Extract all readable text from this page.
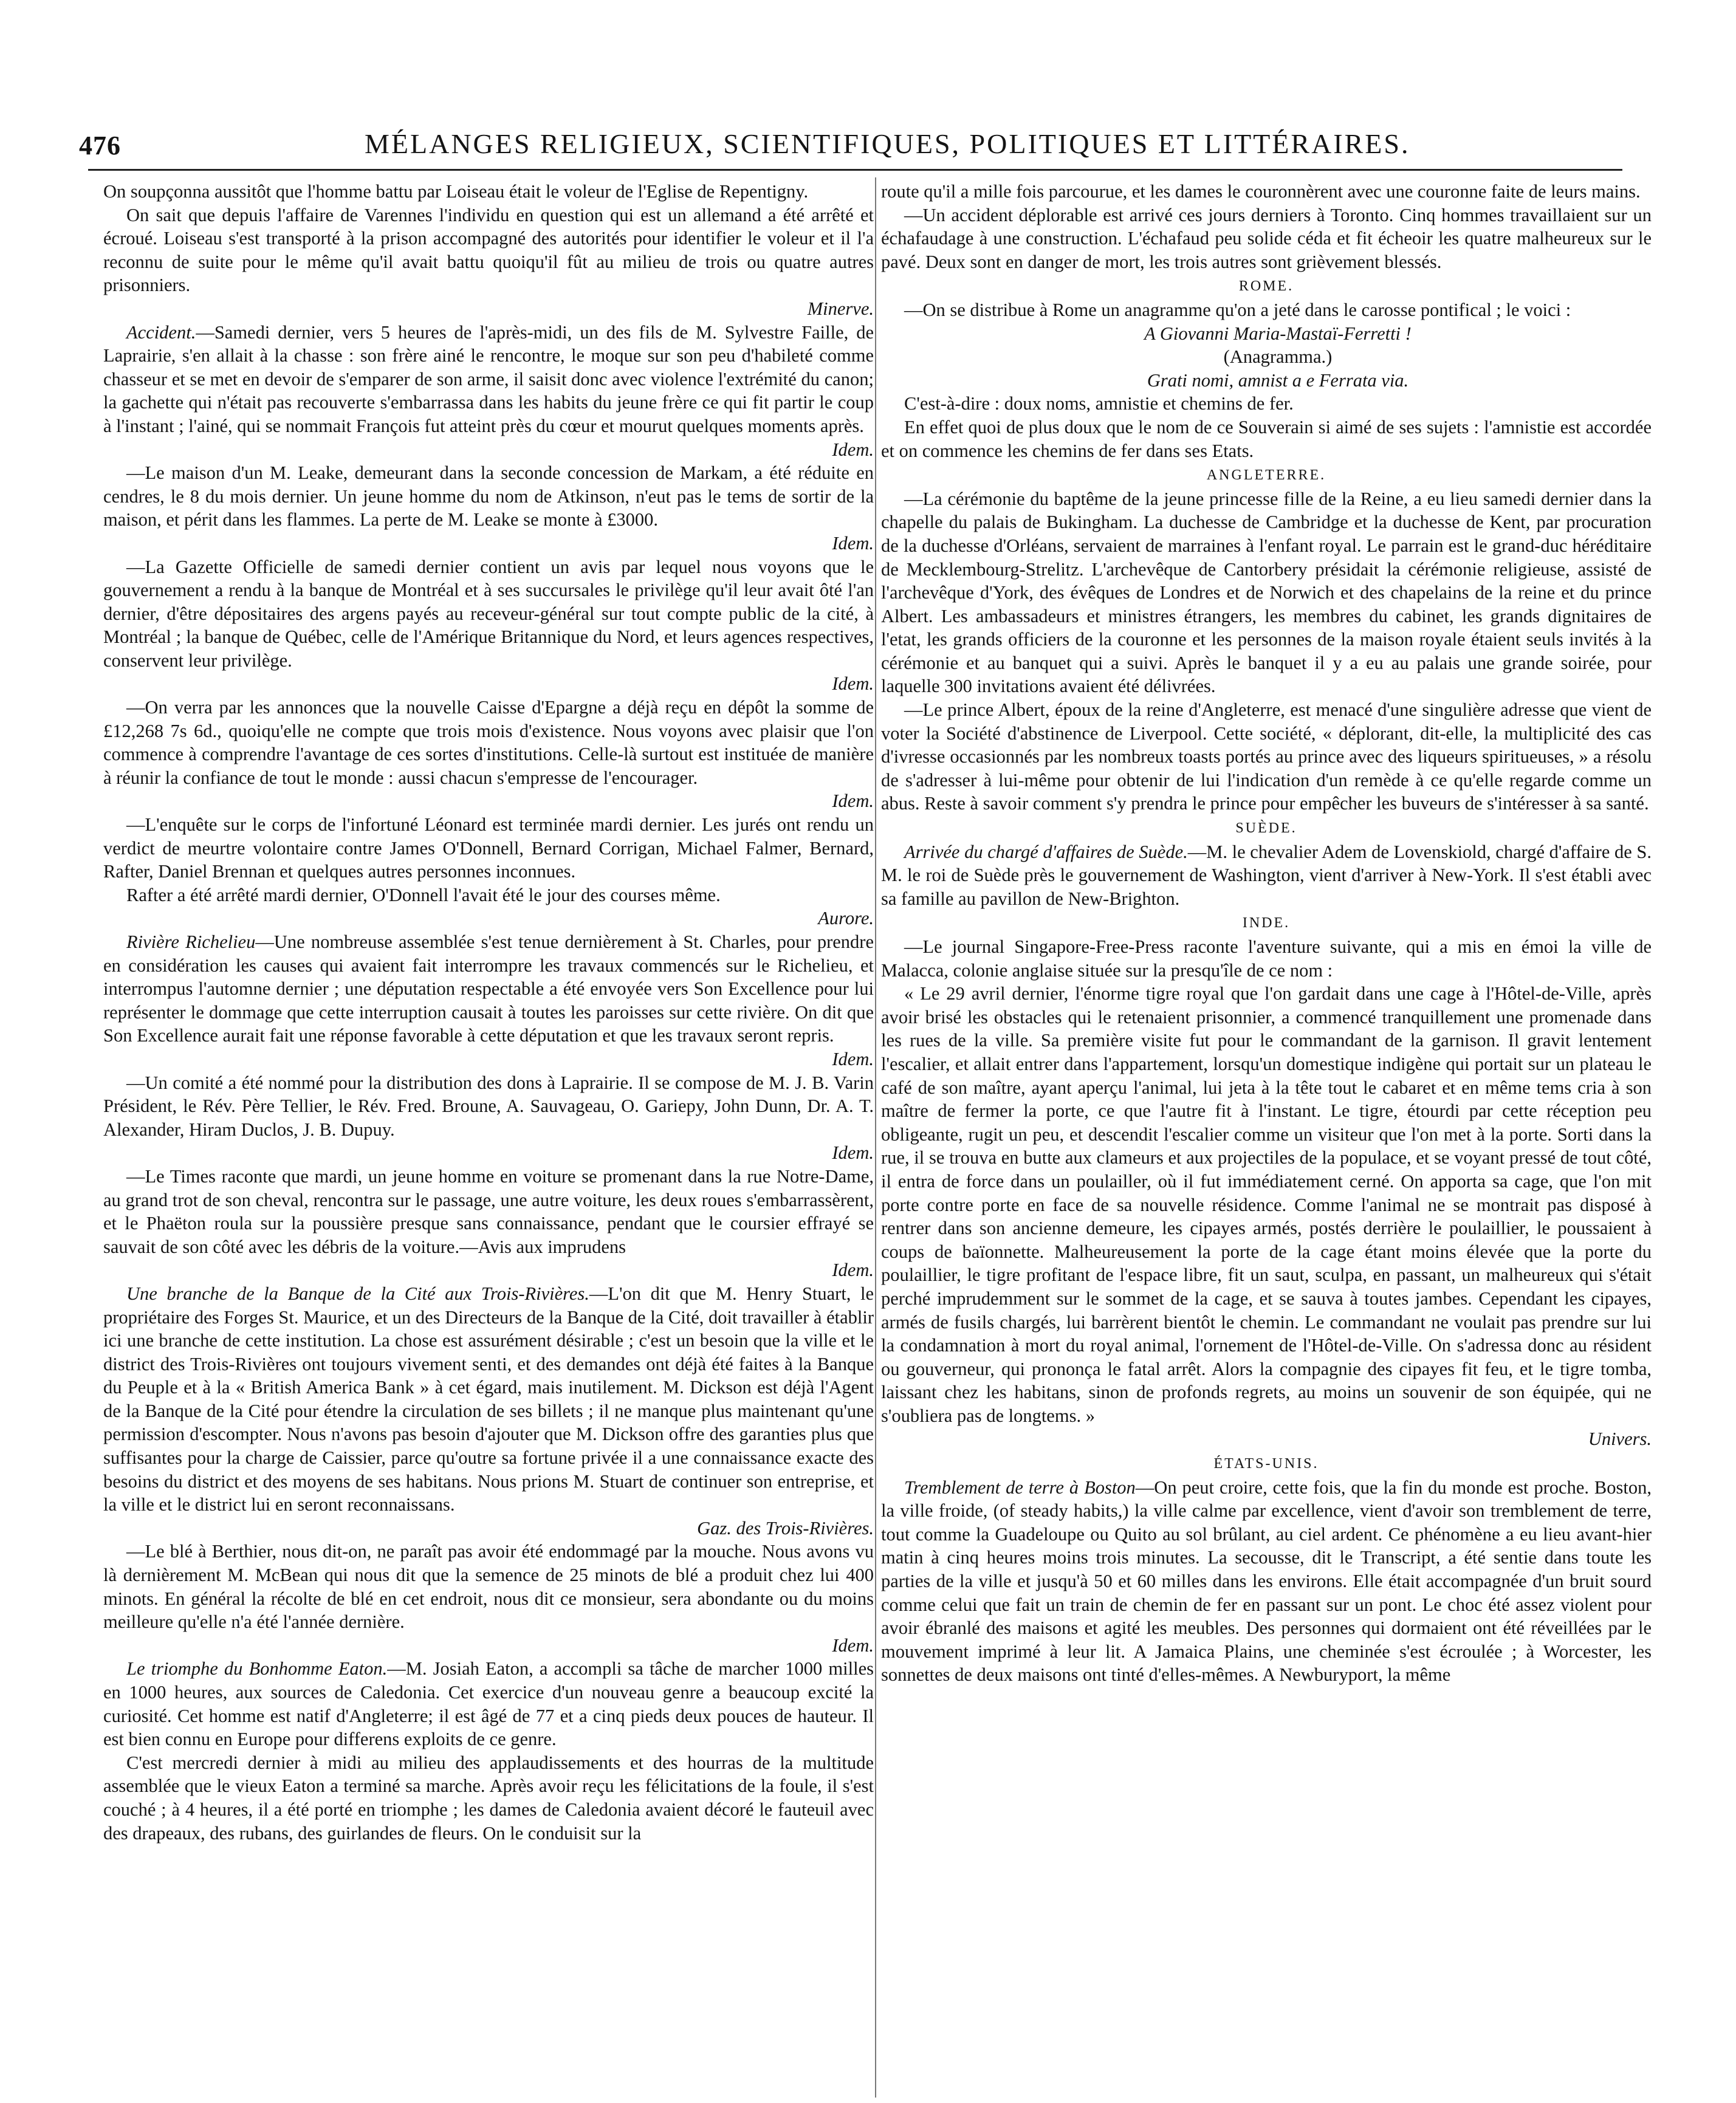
476	MÉLANGES RELIGIEUX, SCIENTIFIQUES, POLITIQUES ET LITTÉRAIRES.

On soupçonna aussitôt que l'homme battu par Loiseau était le voleur de l'Eglise de Repentigny.

On sait que depuis l'affaire de Varennes l'individu en question qui est un allemand a été arrêté et écroué. Loiseau s'est transporté à la prison accompagné des autorités pour identifier le voleur et il l'a reconnu de suite pour le même qu'il avait battu quoiqu'il fût au milieu de trois ou quatre autres prisonniers.

Minerve.

Accident.—Samedi dernier, vers 5 heures de l'après-midi, un des fils de M. Sylvestre Faille, de Laprairie, s'en allait à la chasse : son frère ainé le rencontre, le moque sur son peu d'habileté comme chasseur et se met en devoir de s'emparer de son arme, il saisit donc avec violence l'extrémité du canon; la gachette qui n'était pas recouverte s'embarrassa dans les habits du jeune frère ce qui fit partir le coup à l'instant ; l'ainé, qui se nommait François fut atteint près du cœur et mourut quelques moments après.

Idem.

—Le maison d'un M. Leake, demeurant dans la seconde concession de Markam, a été réduite en cendres, le 8 du mois dernier. Un jeune homme du nom de Atkinson, n'eut pas le tems de sortir de la maison, et périt dans les flammes. La perte de M. Leake se monte à £3000.
Idem.

—La Gazette Officielle de samedi dernier contient un avis par lequel nous voyons que le gouvernement a rendu à la banque de Montréal et à ses succursales le privilège qu'il leur avait ôté l'an dernier, d'être dépositaires des argens payés au receveur-général sur tout compte public de la cité, à Montréal ; la banque de Québec, celle de l'Amérique Britannique du Nord, et leurs agences respectives, conservent leur privilège.
Idem.

—On verra par les annonces que la nouvelle Caisse d'Epargne a déjà reçu en dépôt la somme de £12,268 7s 6d., quoiqu'elle ne compte que trois mois d'existence. Nous voyons avec plaisir que l'on commence à comprendre l'avantage de ces sortes d'institutions. Celle-là surtout est instituée de manière à réunir la confiance de tout le monde : aussi chacun s'empresse de l'encourager.
Idem.

—L'enquête sur le corps de l'infortuné Léonard est terminée mardi dernier. Les jurés ont rendu un verdict de meurtre volontaire contre James O'Donnell, Bernard Corrigan, Michael Falmer, Bernard, Rafter, Daniel Brennan et quelques autres personnes inconnues.

Rafter a été arrêté mardi dernier, O'Donnell l'avait été le jour des courses même.
Aurore.

Rivière Richelieu—Une nombreuse assemblée s'est tenue dernièrement à St. Charles, pour prendre en considération les causes qui avaient fait interrompre les travaux commencés sur le Richelieu, et interrompus l'automne dernier ; une députation respectable a été envoyée vers Son Excellence pour lui représenter le dommage que cette interruption causait à toutes les paroisses sur cette rivière. On dit que Son Excellence aurait fait une réponse favorable à cette députation et que les travaux seront repris.
Idem.

—Un comité a été nommé pour la distribution des dons à Laprairie. Il se compose de M. J. B. Varin Président, le Rév. Père Tellier, le Rév. Fred. Broune, A. Sauvageau, O. Gariepy, John Dunn, Dr. A. T. Alexander, Hiram Duclos, J. B. Dupuy.
Idem.

—Le Times raconte que mardi, un jeune homme en voiture se promenant dans la rue Notre-Dame, au grand trot de son cheval, rencontra sur le passage, une autre voiture, les deux roues s'embarrassèrent, et le Phaëton roula sur la poussière presque sans connaissance, pendant que le coursier effrayé se sauvait de son côté avec les débris de la voiture.—Avis aux imprudens
Idem.

Une branche de la Banque de la Cité aux Trois-Rivières.—L'on dit que M. Henry Stuart, le propriétaire des Forges St. Maurice, et un des Directeurs de la Banque de la Cité, doit travailler à établir ici une branche de cette institution. La chose est assurément désirable ; c'est un besoin que la ville et le district des Trois-Rivières ont toujours vivement senti, et des demandes ont déjà été faites à la Banque du Peuple et à la « British America Bank » à cet égard, mais inutilement. M. Dickson est déjà l'Agent de la Banque de la Cité pour étendre la circulation de ses billets ; il ne manque plus maintenant qu'une permission d'escompter. Nous n'avons pas besoin d'ajouter que M. Dickson offre des garanties plus que suffisantes pour la charge de Caissier, parce qu'outre sa fortune privée il a une connaissance exacte des besoins du district et des moyens de ses habitans. Nous prions M. Stuart de continuer son entreprise, et la ville et le district lui en seront reconnaissans.
Gaz. des Trois-Rivières.

—Le blé à Berthier, nous dit-on, ne paraît pas avoir été endommagé par la mouche. Nous avons vu là dernièrement M. McBean qui nous dit que la semence de 25 minots de blé a produit chez lui 400 minots. En général la récolte de blé en cet endroit, nous dit ce monsieur, sera abondante ou du moins meilleure qu'elle n'a été l'année dernière.
Idem.

Le triomphe du Bonhomme Eaton.—M. Josiah Eaton, a accompli sa tâche de marcher 1000 milles en 1000 heures, aux sources de Caledonia. Cet exercice d'un nouveau genre a beaucoup excité la curiosité. Cet homme est natif d'Angleterre; il est âgé de 77 et a cinq pieds deux pouces de hauteur. Il est bien connu en Europe pour differens exploits de ce genre.

C'est mercredi dernier à midi au milieu des applaudissements et des hourras de la multitude assemblée que le vieux Eaton a terminé sa marche. Après avoir reçu les félicitations de la foule, il s'est couché ; à 4 heures, il a été porté en triomphe ; les dames de Caledonia avaient décoré le fauteuil avec des drapeaux, des rubans, des guirlandes de fleurs. On le conduisit sur la

route qu'il a mille fois parcourue, et les dames le couronnèrent avec une couronne faite de leurs mains.

—Un accident déplorable est arrivé ces jours derniers à Toronto. Cinq hommes travaillaient sur un échafaudage à une construction. L'échafaud peu solide céda et fit écheoir les quatre malheureux sur le pavé. Deux sont en danger de mort, les trois autres sont grièvement blessés.

ROME.

—On se distribue à Rome un anagramme qu'on a jeté dans le carosse pontifical ; le voici :

A Giovanni Maria-Mastaï-Ferretti !

(Anagramma.)

Grati nomi, amnist a e Ferrata via.

C'est-à-dire : doux noms, amnistie et chemins de fer.

En effet quoi de plus doux que le nom de ce Souverain si aimé de ses sujets : l'amnistie est accordée et on commence les chemins de fer dans ses Etats.

ANGLETERRE.

—La cérémonie du baptême de la jeune princesse fille de la Reine, a eu lieu samedi dernier dans la chapelle du palais de Bukingham. La duchesse de Cambridge et la duchesse de Kent, par procuration de la duchesse d'Orléans, servaient de marraines à l'enfant royal. Le parrain est le grand-duc héréditaire de Mecklembourg-Strelitz. L'archevêque de Cantorbery présidait la cérémonie religieuse, assisté de l'archevêque d'York, des évêques de Londres et de Norwich et des chapelains de la reine et du prince Albert. Les ambassadeurs et ministres étrangers, les membres du cabinet, les grands dignitaires de l'etat, les grands officiers de la couronne et les personnes de la maison royale étaient seuls invités à la cérémonie et au banquet qui a suivi. Après le banquet il y a eu au palais une grande soirée, pour laquelle 300 invitations avaient été délivrées.

—Le prince Albert, époux de la reine d'Angleterre, est menacé d'une singulière adresse que vient de voter la Société d'abstinence de Liverpool. Cette société, « déplorant, dit-elle, la multiplicité des cas d'ivresse occasionnés par les nombreux toasts portés au prince avec des liqueurs spiritueuses, » a résolu de s'adresser à lui-même pour obtenir de lui l'indication d'un remède à ce qu'elle regarde comme un abus. Reste à savoir comment s'y prendra le prince pour empêcher les buveurs de s'intéresser à sa santé.

SUÈDE.

Arrivée du chargé d'affaires de Suède.—M. le chevalier Adem de Lovenskiold, chargé d'affaire de S. M. le roi de Suède près le gouvernement de Washington, vient d'arriver à New-York. Il s'est établi avec sa famille au pavillon de New-Brighton.

INDE.

—Le journal Singapore-Free-Press raconte l'aventure suivante, qui a mis en émoi la ville de Malacca, colonie anglaise située sur la presqu'île de ce nom :

« Le 29 avril dernier, l'énorme tigre royal que l'on gardait dans une cage à l'Hôtel-de-Ville, après avoir brisé les obstacles qui le retenaient prisonnier, a commencé tranquillement une promenade dans les rues de la ville. Sa première visite fut pour le commandant de la garnison. Il gravit lentement l'escalier, et allait entrer dans l'appartement, lorsqu'un domestique indigène qui portait sur un plateau le café de son maître, ayant aperçu l'animal, lui jeta à la tête tout le cabaret et en même tems cria à son maître de fermer la porte, ce que l'autre fit à l'instant. Le tigre, étourdi par cette réception peu obligeante, rugit un peu, et descendit l'escalier comme un visiteur que l'on met à la porte. Sorti dans la rue, il se trouva en butte aux clameurs et aux projectiles de la populace, et se voyant pressé de tout côté, il entra de force dans un poulailler, où il fut immédiatement cerné. On apporta sa cage, que l'on mit porte contre porte en face de sa nouvelle résidence. Comme l'animal ne se montrait pas disposé à rentrer dans son ancienne demeure, les cipayes armés, postés derrière le poulaillier, le poussaient à coups de baïonnette. Malheureusement la porte de la cage étant moins élevée que la porte du poulaillier, le tigre profitant de l'espace libre, fit un saut, sculpa, en passant, un malheureux qui s'était perché imprudemment sur le sommet de la cage, et se sauva à toutes jambes. Cependant les cipayes, armés de fusils chargés, lui barrèrent bientôt le chemin. Le commandant ne voulait pas prendre sur lui la condamnation à mort du royal animal, l'ornement de l'Hôtel-de-Ville. On s'adressa donc au résident ou gouverneur, qui prononça le fatal arrêt. Alors la compagnie des cipayes fit feu, et le tigre tomba, laissant chez les habitans, sinon de profonds regrets, au moins un souvenir de son équipée, qui ne s'oubliera pas de longtems. »
Univers.

ÉTATS-UNIS.

Tremblement de terre à Boston—On peut croire, cette fois, que la fin du monde est proche. Boston, la ville froide, (of steady habits,) la ville calme par excellence, vient d'avoir son tremblement de terre, tout comme la Guadeloupe ou Quito au sol brûlant, au ciel ardent. Ce phénomène a eu lieu avant-hier matin à cinq heures moins trois minutes. La secousse, dit le Transcript, a été sentie dans toute les parties de la ville et jusqu'à 50 et 60 milles dans les environs. Elle était accompagnée d'un bruit sourd comme celui que fait un train de chemin de fer en passant sur un pont. Le choc été assez violent pour avoir ébranlé des maisons et agité les meubles. Des personnes qui dormaient ont été réveillées par le mouvement imprimé à leur lit. A Jamaica Plains, une cheminée s'est écroulée ; à Worcester, les sonnettes de deux maisons ont tinté d'elles-mêmes. A Newburyport, la même
